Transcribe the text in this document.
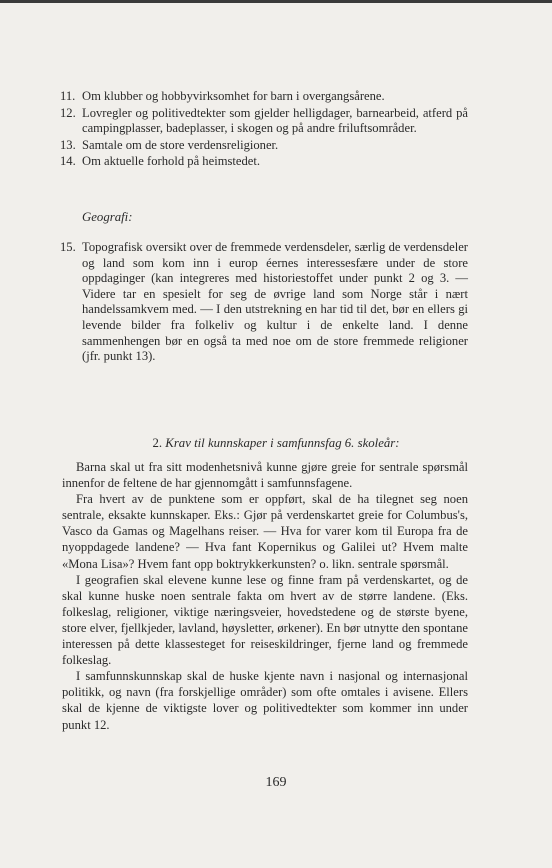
11. Om klubber og hobbyvirksomhet for barn i overgangsårene.
12. Lovregler og politivedtekter som gjelder helligdager, barnearbeid, atferd på campingplasser, badeplasser, i skogen og på andre friluftsområder.
13. Samtale om de store verdensreligioner.
14. Om aktuelle forhold på heimstedet.
Geografi:
15. Topografisk oversikt over de fremmede verdensdeler, særlig de verdensdeler og land som kom inn i europ éernes interessesfære under de store oppdaginger (kan integreres med historiestoffet under punkt 2 og 3. — Videre tar en spesielt for seg de øvrige land som Norge står i nært handelssamkvem med. — I den utstrekning en har tid til det, bør en ellers gi levende bilder fra folkeliv og kultur i de enkelte land. I denne sammenhengen bør en også ta med noe om de store fremmede religioner (jfr. punkt 13).
2. Krav til kunnskaper i samfunnsfag 6. skoleår:

Barna skal ut fra sitt modenhetsnivå kunne gjøre greie for sentrale spørsmål innenfor de feltene de har gjennomgått i samfunnsfagene.

Fra hvert av de punktene som er oppført, skal de ha tilegnet seg noen sentrale, eksakte kunnskaper. Eks.: Gjør på verdenskartet greie for Columbus's, Vasco da Gamas og Magelhans reiser. — Hva for varer kom til Europa fra de nyoppdagede landene? — Hva fant Kopernikus og Galilei ut? Hvem malte «Mona Lisa»? Hvem fant opp boktrykkerkunsten? o. likn. sentrale spørsmål.

I geografien skal elevene kunne lese og finne fram på verdenskartet, og de skal kunne huske noen sentrale fakta om hvert av de større landene. (Eks. folkeslag, religioner, viktige næringsveier, hovedstedene og de største byene, store elver, fjellkjeder, lavland, høysletter, ørkener). En bør utnytte den spontane interessen på dette klassesteget for reiseskildringer, fjerne land og fremmede folkeslag.

I samfunnskunnskap skal de huske kjente navn i nasjonal og internasjonal politikk, og navn (fra forskjellige områder) som ofte omtales i avisene. Ellers skal de kjenne de viktigste lover og politivedtekter som kommer inn under punkt 12.

169
